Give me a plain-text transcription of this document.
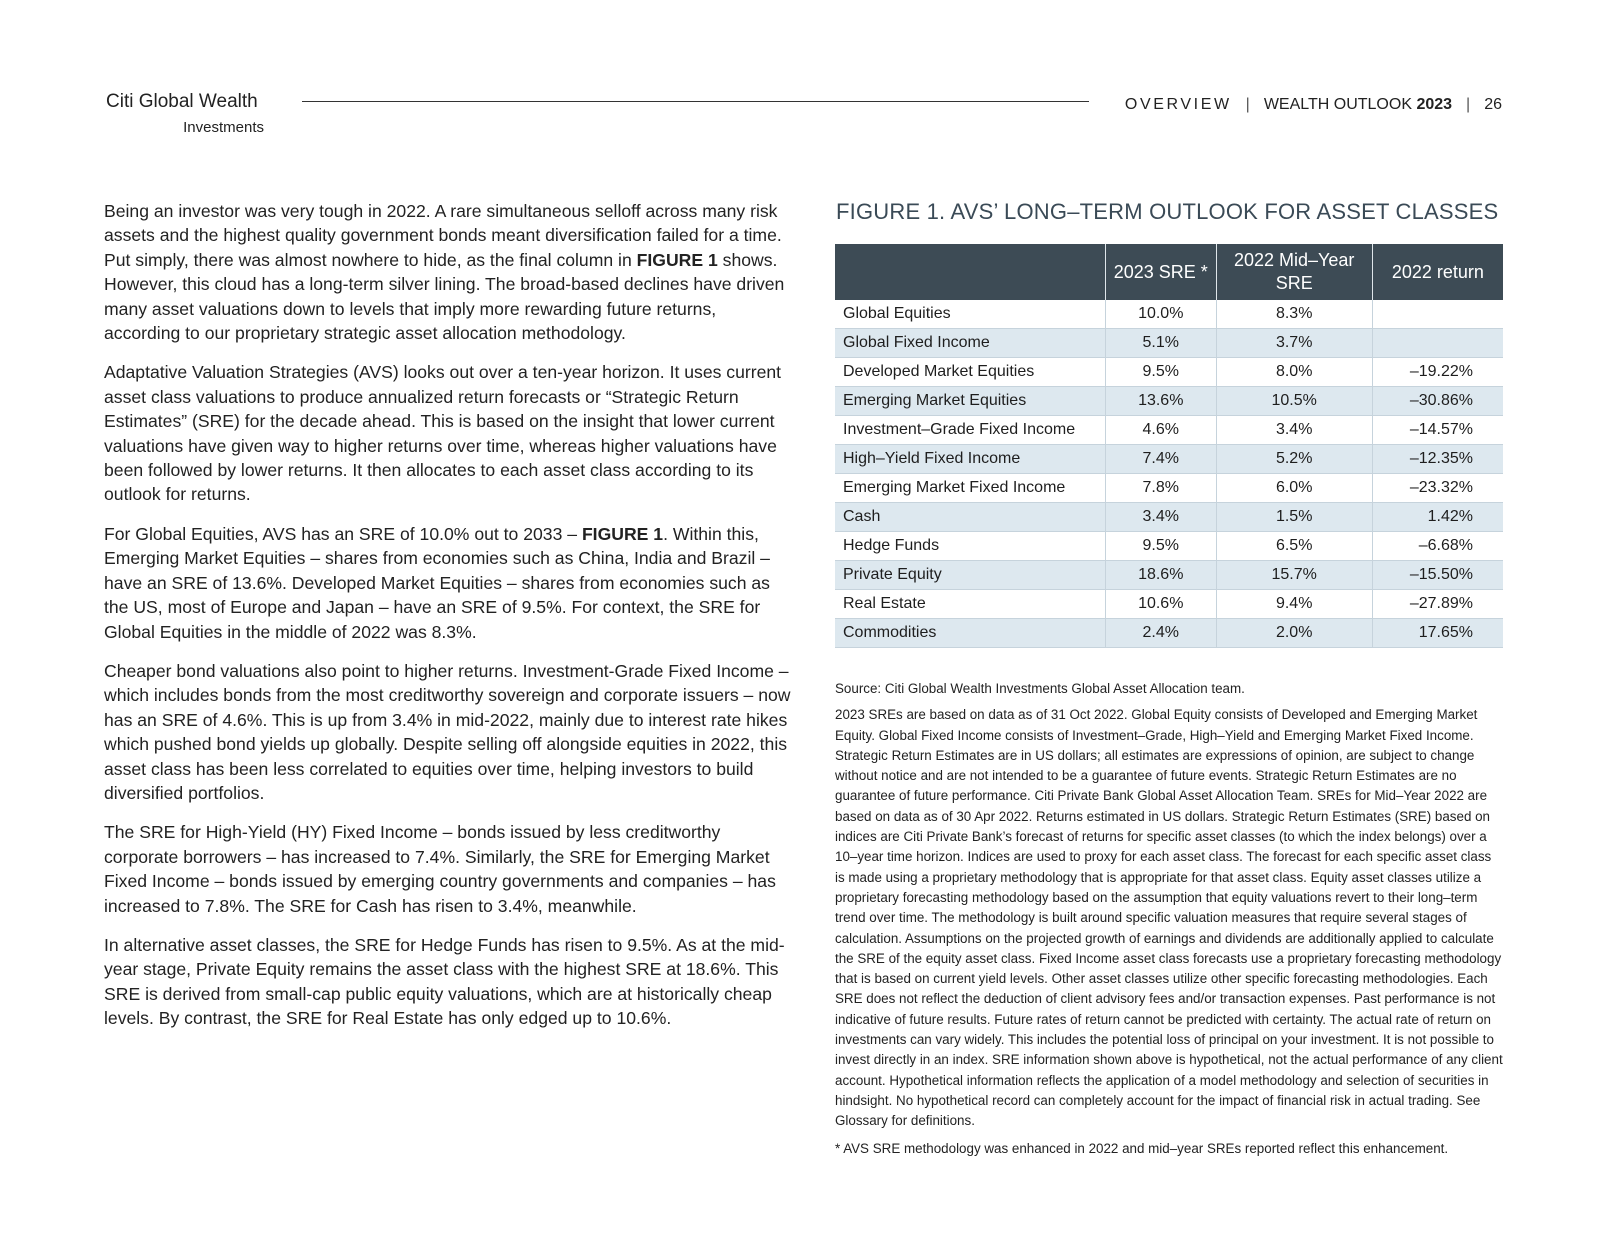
Citi Global Wealth
Investments
OVERVIEW | WEALTH OUTLOOK 2023 | 26

Being an investor was very tough in 2022. A rare simultaneous selloff across many risk assets and the highest quality government bonds meant diversification failed for a time. Put simply, there was almost nowhere to hide, as the final column in FIGURE 1 shows. However, this cloud has a long-term silver lining. The broad-based declines have driven many asset valuations down to levels that imply more rewarding future returns, according to our proprietary strategic asset allocation methodology.

Adaptative Valuation Strategies (AVS) looks out over a ten-year horizon. It uses current asset class valuations to produce annualized return forecasts or “Strategic Return Estimates” (SRE) for the decade ahead. This is based on the insight that lower current valuations have given way to higher returns over time, whereas higher valuations have been followed by lower returns. It then allocates to each asset class according to its outlook for returns.

For Global Equities, AVS has an SRE of 10.0% out to 2033 – FIGURE 1. Within this, Emerging Market Equities – shares from economies such as China, India and Brazil – have an SRE of 13.6%. Developed Market Equities – shares from economies such as the US, most of Europe and Japan – have an SRE of 9.5%. For context, the SRE for Global Equities in the middle of 2022 was 8.3%.

Cheaper bond valuations also point to higher returns. Investment-Grade Fixed Income – which includes bonds from the most creditworthy sovereign and corporate issuers – now has an SRE of 4.6%. This is up from 3.4% in mid-2022, mainly due to interest rate hikes which pushed bond yields up globally. Despite selling off alongside equities in 2022, this asset class has been less correlated to equities over time, helping investors to build diversified portfolios.

The SRE for High-Yield (HY) Fixed Income – bonds issued by less creditworthy corporate borrowers – has increased to 7.4%. Similarly, the SRE for Emerging Market Fixed Income – bonds issued by emerging country governments and companies – has increased to 7.8%. The SRE for Cash has risen to 3.4%, meanwhile.

In alternative asset classes, the SRE for Hedge Funds has risen to 9.5%. As at the mid-year stage, Private Equity remains the asset class with the highest SRE at 18.6%. This SRE is derived from small-cap public equity valuations, which are at historically cheap levels. By contrast, the SRE for Real Estate has only edged up to 10.6%.

FIGURE 1. AVS’ LONG–TERM OUTLOOK FOR ASSET CLASSES
	2023 SRE *	2022 Mid–Year SRE	2022 return
Global Equities	10.0%	8.3%	
Global Fixed Income	5.1%	3.7%	
Developed Market Equities	9.5%	8.0%	–19.22%
Emerging Market Equities	13.6%	10.5%	–30.86%
Investment–Grade Fixed Income	4.6%	3.4%	–14.57%
High–Yield Fixed Income	7.4%	5.2%	–12.35%
Emerging Market Fixed Income	7.8%	6.0%	–23.32%
Cash	3.4%	1.5%	1.42%
Hedge Funds	9.5%	6.5%	–6.68%
Private Equity	18.6%	15.7%	–15.50%
Real Estate	10.6%	9.4%	–27.89%
Commodities	2.4%	2.0%	17.65%

Source: Citi Global Wealth Investments Global Asset Allocation team.

2023 SREs are based on data as of 31 Oct 2022. Global Equity consists of Developed and Emerging Market Equity. Global Fixed Income consists of Investment–Grade, High–Yield and Emerging Market Fixed Income. Strategic Return Estimates are in US dollars; all estimates are expressions of opinion, are subject to change without notice and are not intended to be a guarantee of future events. Strategic Return Estimates are no guarantee of future performance. Citi Private Bank Global Asset Allocation Team. SREs for Mid–Year 2022 are based on data as of 30 Apr 2022. Returns estimated in US dollars. Strategic Return Estimates (SRE) based on indices are Citi Private Bank’s forecast of returns for specific asset classes (to which the index belongs) over a 10–year time horizon. Indices are used to proxy for each asset class. The forecast for each specific asset class is made using a proprietary methodology that is appropriate for that asset class. Equity asset classes utilize a proprietary forecasting methodology based on the assumption that equity valuations revert to their long–term trend over time. The methodology is built around specific valuation measures that require several stages of calculation. Assumptions on the projected growth of earnings and dividends are additionally applied to calculate the SRE of the equity asset class. Fixed Income asset class forecasts use a proprietary forecasting methodology that is based on current yield levels. Other asset classes utilize other specific forecasting methodologies. Each SRE does not reflect the deduction of client advisory fees and/or transaction expenses. Past performance is not indicative of future results. Future rates of return cannot be predicted with certainty. The actual rate of return on investments can vary widely. This includes the potential loss of principal on your investment. It is not possible to invest directly in an index. SRE information shown above is hypothetical, not the actual performance of any client account. Hypothetical information reflects the application of a model methodology and selection of securities in hindsight. No hypothetical record can completely account for the impact of financial risk in actual trading. See Glossary for definitions.

* AVS SRE methodology was enhanced in 2022 and mid–year SREs reported reflect this enhancement.
